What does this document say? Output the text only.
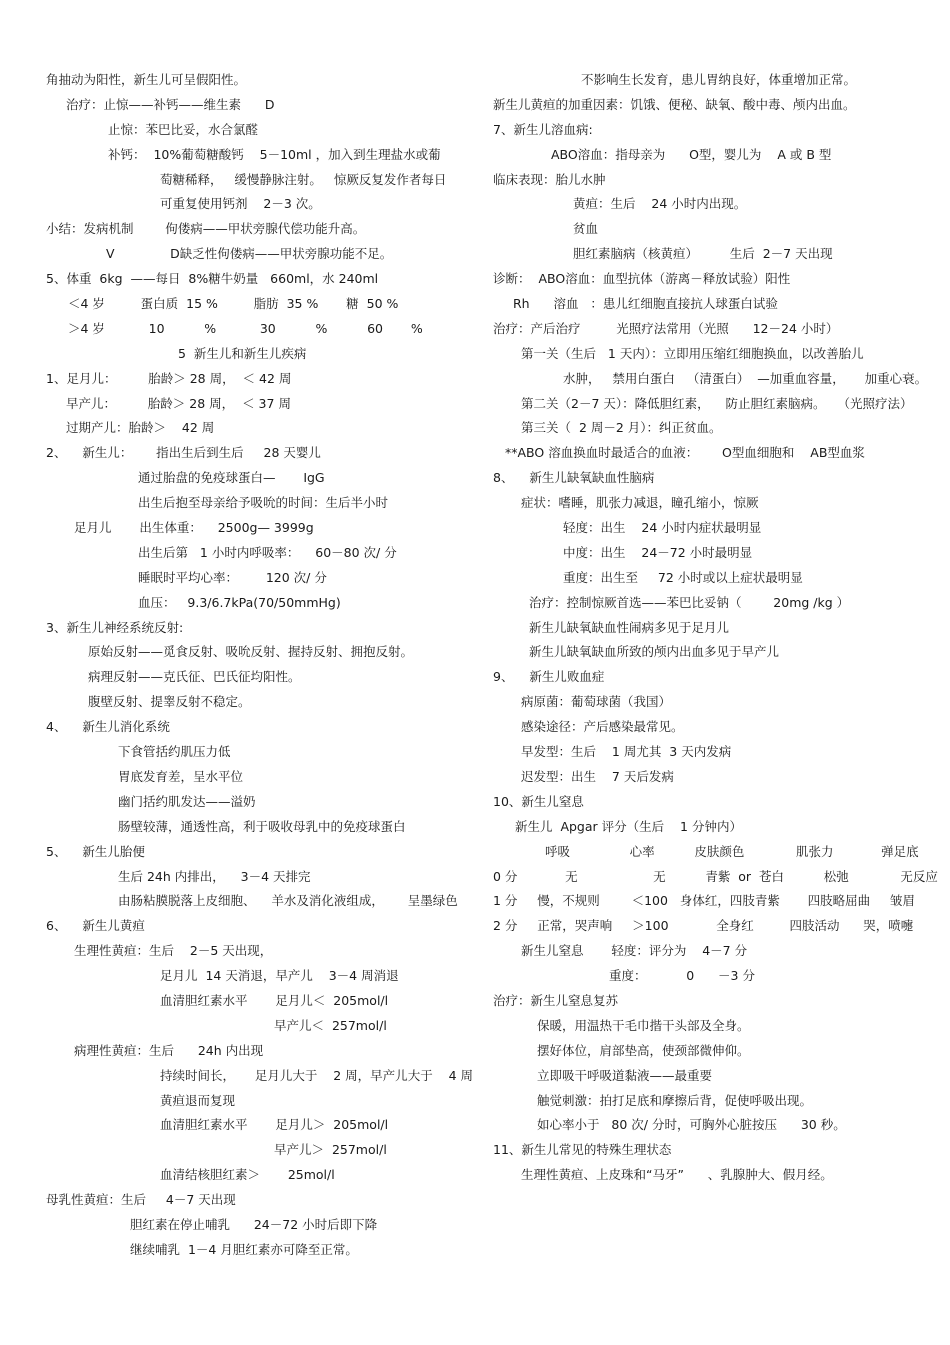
角抽动为阳性，新生儿可呈假阳性。
治疗：止惊——补钙——维生素      D
止惊：苯巴比妥，水合氯醛
补钙：  10%葡萄糖酸钙    5－10ml ，加入到生理盐水或葡
萄糖稀释，   缓慢静脉注射。   惊厥反复发作者每日
可重复使用钙剂    2－3 次。
小结：发病机制        佝偻病——甲状旁腺代偿功能升高。
V              D缺乏性佝偻病——甲状旁腺功能不足。
5、体重  6kg  ——每日  8%糖牛奶量   660ml，水 240ml
＜4 岁         蛋白质  15 %         脂肪  35 %       糖  50 %
＞4 岁           10          %           30          %          60       %
5  新生儿和新生儿疾病
1、足月儿：        胎龄＞ 28 周，  ＜ 42 周
早产儿：        胎龄＞ 28 周，  ＜ 37 周
过期产儿：胎龄＞    42 周
2、    新生儿：      指出生后到生后     28 天婴儿
通过胎盘的免疫球蛋白—       IgG
出生后抱至母亲给予吸吮的时间：生后半小时
足月儿       出生体重：    2500g— 3999g
出生后第   1 小时内呼吸率：    60－80 次/ 分
睡眠时平均心率：       120 次/ 分
血压：   9.3/6.7kPa(70/50mmHg)
3、新生儿神经系统反射:
原始反射——觅食反射、吸吮反射、握持反射、拥抱反射。
病理反射——克氏征、巴氏征均阳性。
腹壁反射、提睾反射不稳定。
4、    新生儿消化系统
下食管括约肌压力低
胃底发育差，呈水平位
幽门括约肌发达——溢奶
肠壁较薄，通透性高，利于吸收母乳中的免疫球蛋白
5、    新生儿胎便
生后 24h 内排出，    3－4 天排完
由肠粘膜脱落上皮细胞、    羊水及消化液组成，      呈墨绿色
6、    新生儿黄疸
生理性黄疸：生后    2－5 天出现，
足月儿  14 天消退，早产儿    3－4 周消退
血清胆红素水平       足月儿＜  205mol/l
早产儿＜  257mol/l
病理性黄疸：生后      24h 内出现
持续时间长，     足月儿大于    2 周，早产儿大于    4 周
黄疸退而复现
血清胆红素水平       足月儿＞  205mol/l
早产儿＞  257mol/l
血清结核胆红素＞       25mol/l
母乳性黄疸：生后     4－7 天出现
胆红素在停止哺乳      24－72 小时后即下降
继续哺乳  1－4 月胆红素亦可降至正常。
不影响生长发育，患儿胃纳良好，体重增加正常。
新生儿黄疸的加重因素：饥饿、便秘、缺氧、酸中毒、颅内出血。
7、新生儿溶血病:
ABO溶血：指母亲为      O型，婴儿为    A 或 B 型
临床表现：胎儿水肿
黄疸：生后    24 小时内出现。
贫血
胆红素脑病（核黄疸）        生后  2－7 天出现
诊断：  ABO溶血：血型抗体（游离－释放试验）阳性
Rh      溶血   ：患儿红细胞直接抗人球蛋白试验
治疗：产后治疗         光照疗法常用（光照      12－24 小时）
第一关（生后   1 天内）：立即用压缩红细胞换血，以改善胎儿
水肿，   禁用白蛋白   （清蛋白）  —加重血容量，     加重心衰。
第二关（2－7 天）：降低胆红素，    防止胆红素脑病。   （光照疗法）
第三关（  2 周－2 月）：纠正贫血。
**ABO 溶血换血时最适合的血液：      O型血细胞和    AB型血浆
8、    新生儿缺氧缺血性脑病
症状：嗜睡，肌张力减退，瞳孔缩小，惊厥
轻度：出生    24 小时内症状最明显
中度：出生    24－72 小时最明显
重度：出生至     72 小时或以上症状最明显
治疗：控制惊厥首选——苯巴比妥钠（        20mg /kg ）
新生儿缺氧缺血性闹病多见于足月儿
新生儿缺氧缺血所致的颅内出血多见于早产儿
9、    新生儿败血症
病原菌：葡萄球菌（我国）
感染途径：产后感染最常见。
早发型：生后    1 周尤其  3 天内发病
迟发型：出生    7 天后发病
10、新生儿窒息
新生儿  Apgar 评分（生后    1 分钟内）
呼吸               心率          皮肤颜色             肌张力            弹足底
0 分            无                   无          青紫  or  苍白          松弛             无反应
1 分     慢，不规则        ＜100   身体红，四肢青紫       四肢略屈曲     皱眉
2 分     正常，哭声响     ＞100            全身红         四肢活动      哭，喷嚏
新生儿窒息       轻度：评分为    4－7 分
重度：          0      －3 分
治疗：新生儿窒息复苏
保暖，用温热干毛巾揩干头部及全身。
摆好体位，肩部垫高，使颈部微伸仰。
立即吸干呼吸道黏液——最重要
触觉刺激：拍打足底和摩擦后背，促使呼吸出现。
如心率小于   80 次/ 分时，可胸外心脏按压      30 秒。
11、新生儿常见的特殊生理状态
生理性黄疸、上皮珠和“马牙”      、乳腺肿大、假月经。
